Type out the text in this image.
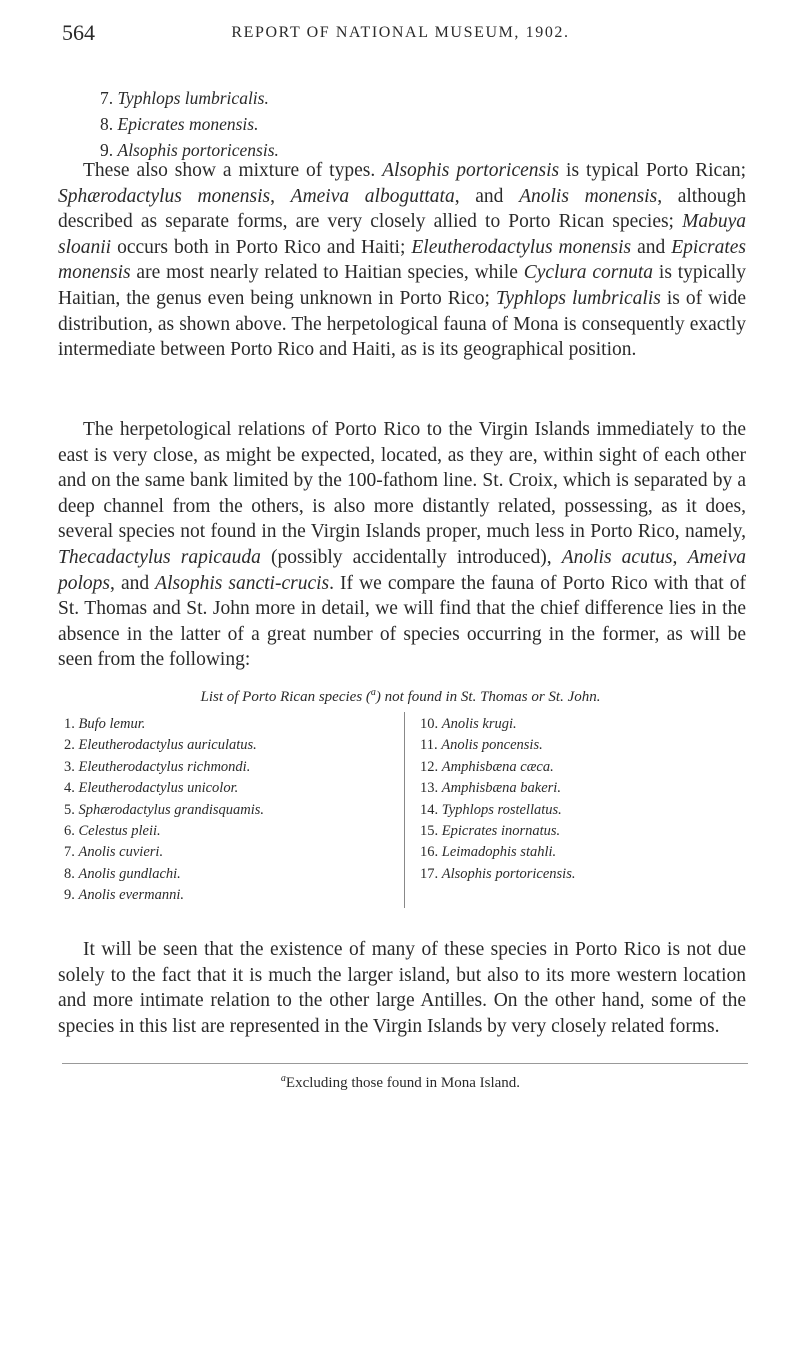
564	REPORT OF NATIONAL MUSEUM, 1902.
7. Typhlops lumbricalis.
8. Epicrates monensis.
9. Alsophis portoricensis.

These also show a mixture of types. Alsophis portoricensis is typical Porto Rican; Sphærodactylus monensis, Ameiva alboguttata, and Anolis monensis, although described as separate forms, are very closely allied to Porto Rican species; Mabuya sloanii occurs both in Porto Rico and Haiti; Eleutherodactylus monensis and Epicrates monensis are most nearly related to Haitian species, while Cyclura cornuta is typically Haitian, the genus even being unknown in Porto Rico; Typhlops lumbricalis is of wide distribution, as shown above. The herpetological fauna of Mona is consequently exactly intermediate between Porto Rico and Haiti, as is its geographical position.

The herpetological relations of Porto Rico to the Virgin Islands immediately to the east is very close, as might be expected, located, as they are, within sight of each other and on the same bank limited by the 100-fathom line. St. Croix, which is separated by a deep channel from the others, is also more distantly related, possessing, as it does, several species not found in the Virgin Islands proper, much less in Porto Rico, namely, Thecadactylus rapicauda (possibly accidentally introduced), Anolis acutus, Ameiva polops, and Alsophis sancti-crucis. If we compare the fauna of Porto Rico with that of St. Thomas and St. John more in detail, we will find that the chief difference lies in the absence in the latter of a great number of species occurring in the former, as will be seen from the following:

List of Porto Rican species ($^a$) not found in St. Thomas or St. John.
1. Bufo lemur.
2. Eleutherodactylus auriculatus.
3. Eleutherodactylus richmondi.
4. Eleutherodactylus unicolor.
5. Sphærodactylus grandisquamis.
6. Celestus pleii.
7. Anolis cuvieri.
8. Anolis gundlachi.
9. Anolis evermanni.
10. Anolis krugi.
11. Anolis poncensis.
12. Amphisbæna cæca.
13. Amphisbæna bakeri.
14. Typhlops rostellatus.
15. Epicrates inornatus.
16. Leimadophis stahli.
17. Alsophis portoricensis.

It will be seen that the existence of many of these species in Porto Rico is not due solely to the fact that it is much the larger island, but also to its more western location and more intimate relation to the other large Antilles. On the other hand, some of the species in this list are represented in the Virgin Islands by very closely related forms.

$^a$Excluding those found in Mona Island.
